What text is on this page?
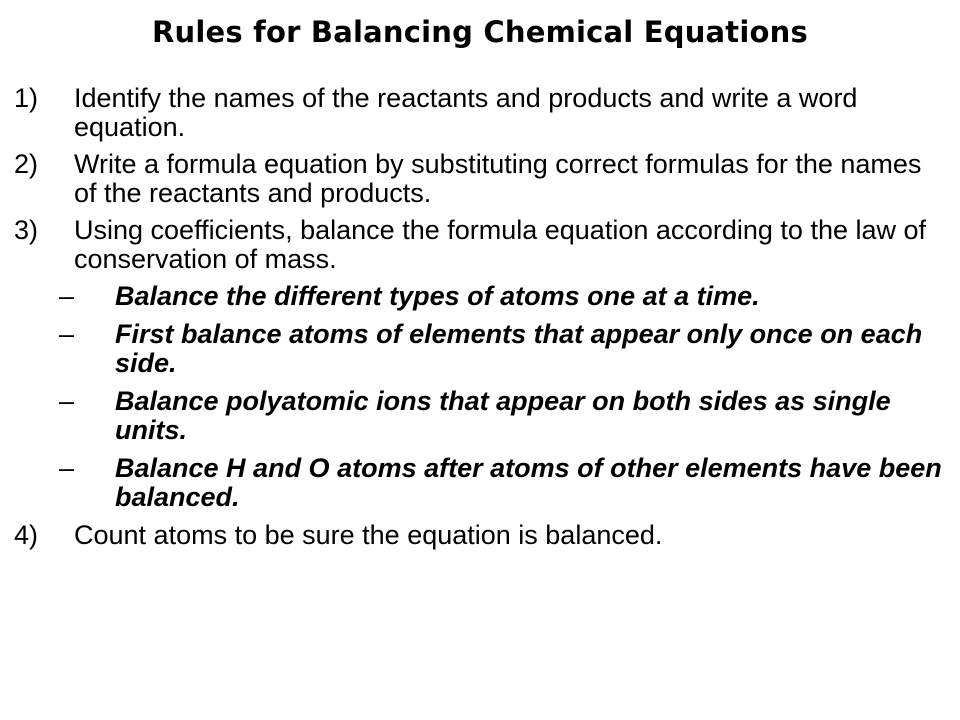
Rules for Balancing Chemical Equations
1)	Identify the names of the reactants and products and write a word equation.
2)	Write a formula equation by substituting correct formulas for the names of the reactants and products.
3)	Using coefficients, balance the formula equation according to the law of conservation of mass.
– Balance the different types of atoms one at a time.
– First balance atoms of elements that appear only once on each side.
– Balance polyatomic ions that appear on both sides as single units.
– Balance H and O atoms after atoms of other elements have been balanced.
4)	Count atoms to be sure the equation is balanced.
